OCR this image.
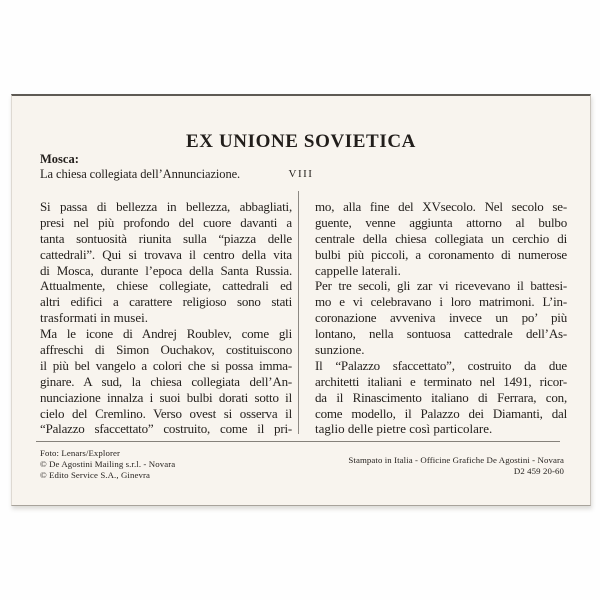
EX UNIONE SOVIETICA
Mosca:
La chiesa collegiata dell’Annunciazione.	VIII
Si passa di bellezza in bellezza, abbagliati,
presi nel più profondo del cuore davanti a
tanta sontuosità riunita sulla “piazza delle
cattedrali”. Qui si trovava il centro della vita
di Mosca, durante l’epoca della Santa Russia.
Attualmente, chiese collegiate, cattedrali ed
altri edifici a carattere religioso sono stati
trasformati in musei.
Ma le icone di Andrej Roublev, come gli
affreschi di Simon Ouchakov, costituiscono
il più bel vangelo a colori che si possa imma-
ginare. A sud, la chiesa collegiata dell’An-
nunciazione innalza i suoi bulbi dorati sotto il
cielo del Cremlino. Verso ovest si osserva il
“Palazzo sfaccettato” costruito, come il pri-
mo, alla fine del XVsecolo. Nel secolo se-
guente, venne aggiunta attorno al bulbo
centrale della chiesa collegiata un cerchio di
bulbi più piccoli, a coronamento di numerose
cappelle laterali.
Per tre secoli, gli zar vi ricevevano il battesi-
mo e vi celebravano i loro matrimoni. L’in-
coronazione avveniva invece un po’ più
lontano, nella sontuosa cattedrale dell’As-
sunzione.
Il “Palazzo sfaccettato”, costruito da due
architetti italiani e terminato nel 1491, ricor-
da il Rinascimento italiano di Ferrara, con,
come modello, il Palazzo dei Diamanti, dal
taglio delle pietre così particolare.
Foto: Lenars/Explorer
© De Agostini Mailing s.r.l. - Novara
© Edito Service S.A., Ginevra
Stampato in Italia - Officine Grafiche De Agostini - Novara
D2 459 20-60
